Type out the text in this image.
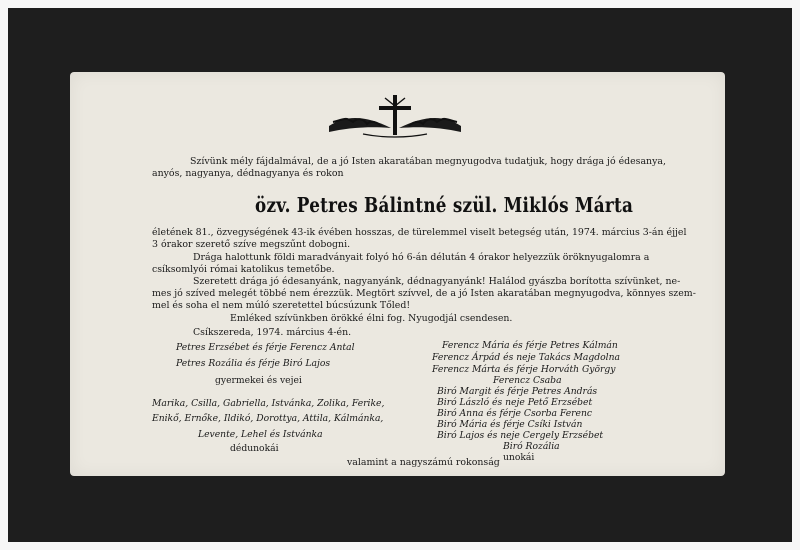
Szívünk mély fájdalmával, de a jó Isten akaratában megnyugodva tudatjuk, hogy drága jó édesanya,
anyós, nagyanya, dédnagyanya és rokon
özv. Petres Bálintné szül. Miklós Márta
életének 81., özvegységének 43-ik évében hosszas, de türelemmel viselt betegség után, 1974. március 3-án éjjel
3 órakor szerető szíve megszűnt dobogni.
Drága halottunk földi maradványait folyó hó 6-án délután 4 órakor helyezzük öröknyugalomra a
csíksomlyói római katolikus temetőbe.
Szeretett drága jó édesanyánk, nagyanyánk, dédnagyanyánk! Halálod gyászba borította szívünket, ne-
mes jó szíved melegét többé nem érezzük. Megtört szívvel, de a jó Isten akaratában megnyugodva, könnyes szem-
mel és soha el nem múló szeretettel búcsúzunk Tőled!
Emléked szívünkben örökké élni fog. Nyugodjál csendesen.
Csíkszereda, 1974. március 4-én.
Petres Erzsébet és férje Ferencz Antal
Petres Rozália és férje Biró Lajos
gyermekei és vejei
Marika, Csilla, Gabriella, Istvánka, Zolika, Ferike,
Enikő, Ernőke, Ildikó, Dorottya, Attila, Kálmánka,
Levente, Lehel és Istvánka
dédunokái
Ferencz Mária és férje Petres Kálmán
Ferencz Árpád és neje Takács Magdolna
Ferencz Márta és férje Horváth György
Ferencz Csaba
Biró Margit és férje Petres András
Biró László és neje Pető Erzsébet
Biró Anna és férje Csorba Ferenc
Biró Mária és férje Csíki István
Biró Lajos és neje Cergely Erzsébet
Biró Rozália
unokái
valamint a nagyszámú rokonság
